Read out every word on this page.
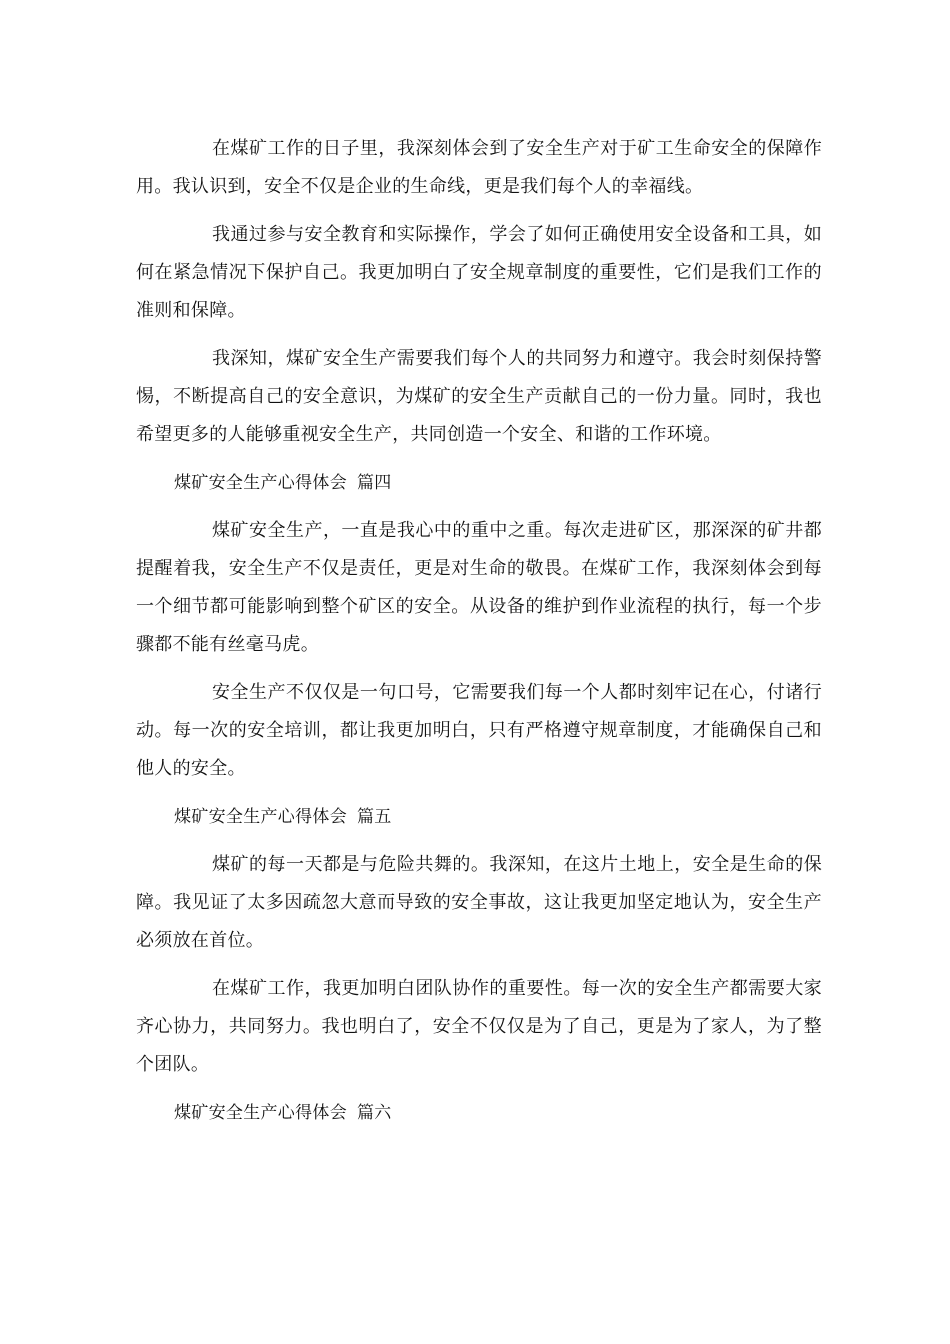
在煤矿工作的日子里，我深刻体会到了安全生产对于矿工生命安全的保障作用。我认识到，安全不仅是企业的生命线，更是我们每个人的幸福线。

我通过参与安全教育和实际操作，学会了如何正确使用安全设备和工具，如何在紧急情况下保护自己。我更加明白了安全规章制度的重要性，它们是我们工作的准则和保障。

我深知，煤矿安全生产需要我们每个人的共同努力和遵守。我会时刻保持警惕，不断提高自己的安全意识，为煤矿的安全生产贡献自己的一份力量。同时，我也希望更多的人能够重视安全生产，共同创造一个安全、和谐的工作环境。

煤矿安全生产心得体会 篇四

煤矿安全生产，一直是我心中的重中之重。每次走进矿区，那深深的矿井都提醒着我，安全生产不仅是责任，更是对生命的敬畏。在煤矿工作，我深刻体会到每一个细节都可能影响到整个矿区的安全。从设备的维护到作业流程的执行，每一个步骤都不能有丝毫马虎。

安全生产不仅仅是一句口号，它需要我们每一个人都时刻牢记在心，付诸行动。每一次的安全培训，都让我更加明白，只有严格遵守规章制度，才能确保自己和他人的安全。

煤矿安全生产心得体会 篇五

煤矿的每一天都是与危险共舞的。我深知，在这片土地上，安全是生命的保障。我见证了太多因疏忽大意而导致的安全事故，这让我更加坚定地认为，安全生产必须放在首位。

在煤矿工作，我更加明白团队协作的重要性。每一次的安全生产都需要大家齐心协力，共同努力。我也明白了，安全不仅仅是为了自己，更是为了家人，为了整个团队。

煤矿安全生产心得体会 篇六
